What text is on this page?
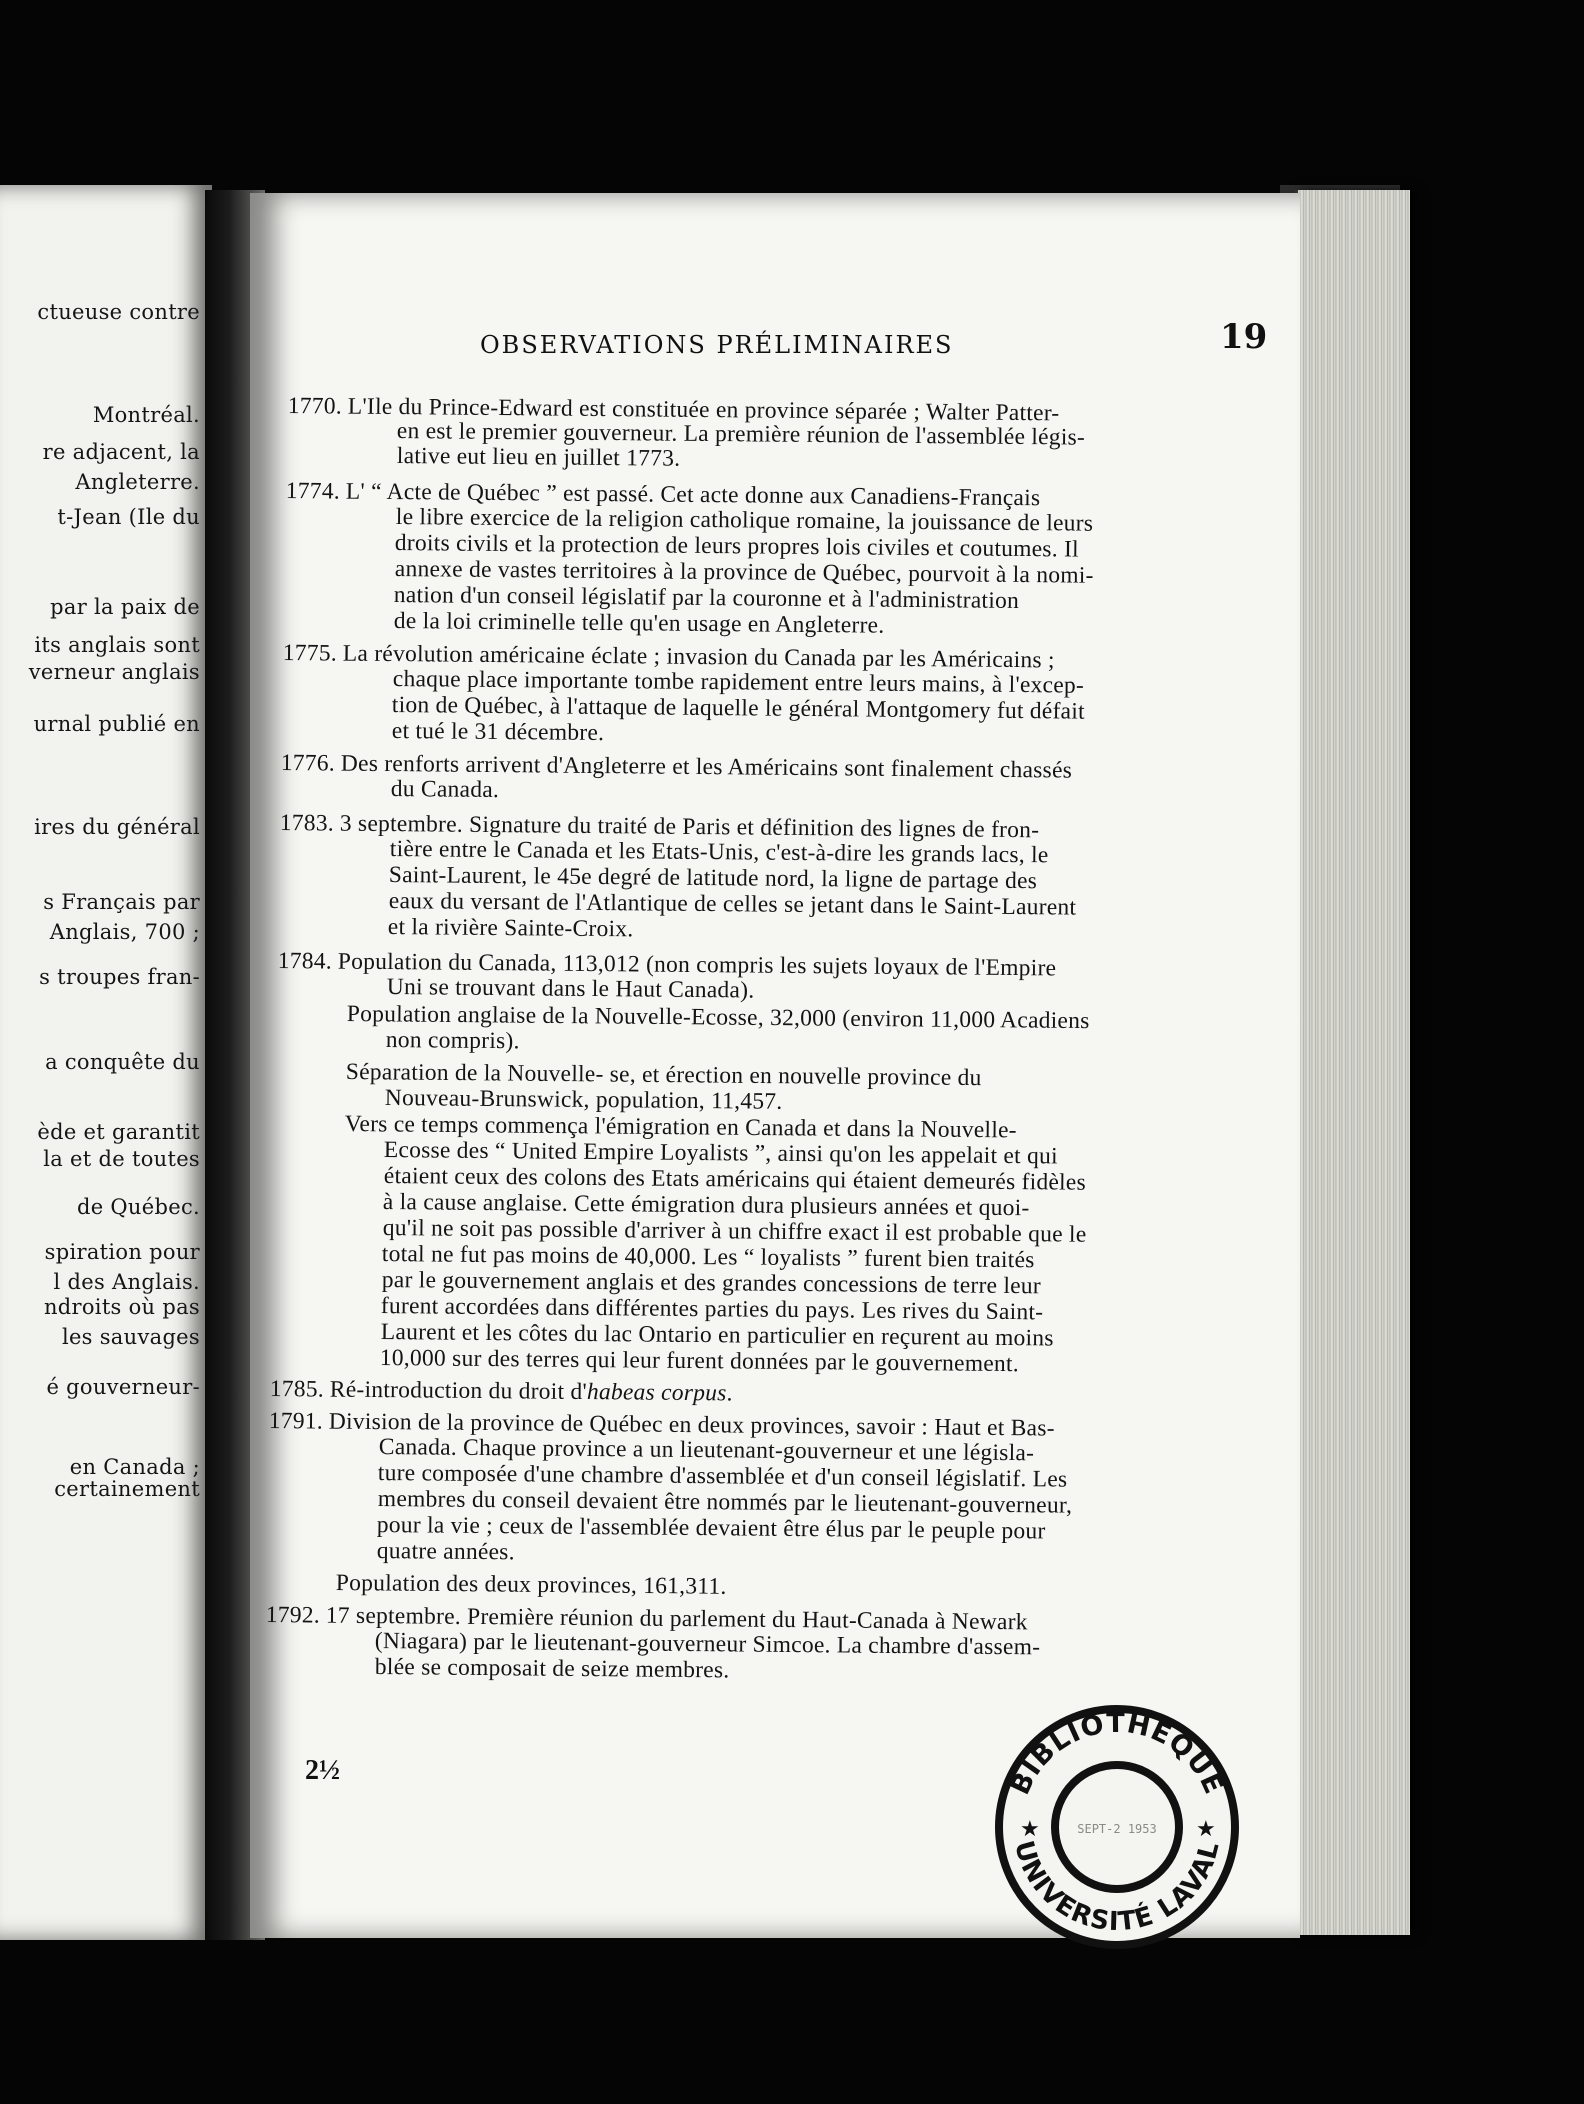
ctueuse contre
Montréal.
re adjacent, la
Angleterre.
t-Jean (Ile du
par la paix de
its anglais sont
verneur anglais
urnal publié en
ires du général
s Français par
Anglais, 700 ;
s troupes fran-
a conquête du
ède et garantit
la et de toutes
de Québec.
spiration pour
l des Anglais.
ndroits où pas
les sauvages
é gouverneur-
en Canada ;
certainement
OBSERVATIONS PRÉLIMINAIRES	19
1770. L'Ile du Prince-Edward est constituée en province séparée ; Walter Patter-
en est le premier gouverneur. La première réunion de l'assemblée légis-
lative eut lieu en juillet 1773.
1774. L' “ Acte de Québec ” est passé. Cet acte donne aux Canadiens-Français
le libre exercice de la religion catholique romaine, la jouissance de leurs
droits civils et la protection de leurs propres lois civiles et coutumes. Il
annexe de vastes territoires à la province de Québec, pourvoit à la nomi-
nation d'un conseil législatif par la couronne et à l'administration
de la loi criminelle telle qu'en usage en Angleterre.
1775. La révolution américaine éclate ; invasion du Canada par les Américains ;
chaque place importante tombe rapidement entre leurs mains, à l'excep-
tion de Québec, à l'attaque de laquelle le général Montgomery fut défait
et tué le 31 décembre.
1776. Des renforts arrivent d'Angleterre et les Américains sont finalement chassés
du Canada.
1783. 3 septembre. Signature du traité de Paris et définition des lignes de fron-
tière entre le Canada et les Etats-Unis, c'est-à-dire les grands lacs, le
Saint-Laurent, le 45e degré de latitude nord, la ligne de partage des
eaux du versant de l'Atlantique de celles se jetant dans le Saint-Laurent
et la rivière Sainte-Croix.
1784. Population du Canada, 113,012 (non compris les sujets loyaux de l'Empire
Uni se trouvant dans le Haut Canada).
Population anglaise de la Nouvelle-Ecosse, 32,000 (environ 11,000 Acadiens
non compris).
Séparation de la Nouvelle- se, et érection en nouvelle province du
Nouveau-Brunswick, population, 11,457.
Vers ce temps commença l'émigration en Canada et dans la Nouvelle-
Ecosse des “ United Empire Loyalists ”, ainsi qu'on les appelait et qui
étaient ceux des colons des Etats américains qui étaient demeurés fidèles
à la cause anglaise. Cette émigration dura plusieurs années et quoi-
qu'il ne soit pas possible d'arriver à un chiffre exact il est probable que le
total ne fut pas moins de 40,000. Les “ loyalists ” furent bien traités
par le gouvernement anglais et des grandes concessions de terre leur
furent accordées dans différentes parties du pays. Les rives du Saint-
Laurent et les côtes du lac Ontario en particulier en reçurent au moins
10,000 sur des terres qui leur furent données par le gouvernement.
1785. Ré-introduction du droit d'habeas corpus.
1791. Division de la province de Québec en deux provinces, savoir : Haut et Bas-
Canada. Chaque province a un lieutenant-gouverneur et une législa-
ture composée d'une chambre d'assemblée et d'un conseil législatif. Les
membres du conseil devaient être nommés par le lieutenant-gouverneur,
pour la vie ; ceux de l'assemblée devaient être élus par le peuple pour
quatre années.
Population des deux provinces, 161,311.
1792. 17 septembre. Première réunion du parlement du Haut-Canada à Newark
(Niagara) par le lieutenant-gouverneur Simcoe. La chambre d'assem-
blée se composait de seize membres.
2½	BIBLIOTHÈQUE
UNIVERSITÉ LAVAL
★	★
SEPT-2 1953
